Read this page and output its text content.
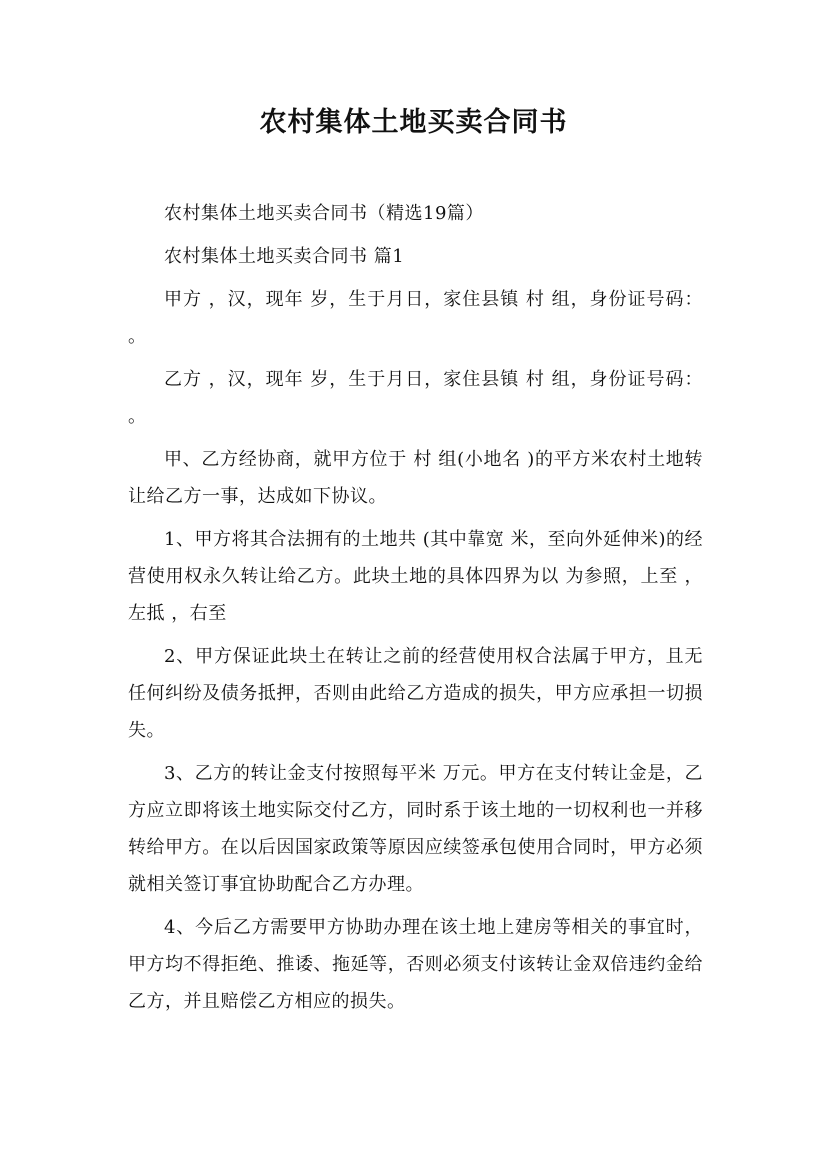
农村集体土地买卖合同书

农村集体土地买卖合同书（精选19篇）

农村集体土地买卖合同书 篇1

甲方 ，汉，现年 岁，生于月日，家住县镇 村 组，身份证号码： 。

乙方 ，汉，现年 岁，生于月日，家住县镇 村 组，身份证号码： 。

甲、乙方经协商，就甲方位于 村 组(小地名 )的平方米农村土地转让给乙方一事，达成如下协议。

1、甲方将其合法拥有的土地共 (其中靠宽 米，至向外延伸米)的经营使用权永久转让给乙方。此块土地的具体四界为以 为参照，上至 ，左抵 ，右至

2、甲方保证此块土在转让之前的经营使用权合法属于甲方，且无任何纠纷及债务抵押，否则由此给乙方造成的损失，甲方应承担一切损失。

3、乙方的转让金支付按照每平米 万元。甲方在支付转让金是，乙方应立即将该土地实际交付乙方，同时系于该土地的一切权利也一并移转给甲方。在以后因国家政策等原因应续签承包使用合同时，甲方必须就相关签订事宜协助配合乙方办理。

4、今后乙方需要甲方协助办理在该土地上建房等相关的事宜时，甲方均不得拒绝、推诿、拖延等，否则必须支付该转让金双倍违约金给乙方，并且赔偿乙方相应的损失。
